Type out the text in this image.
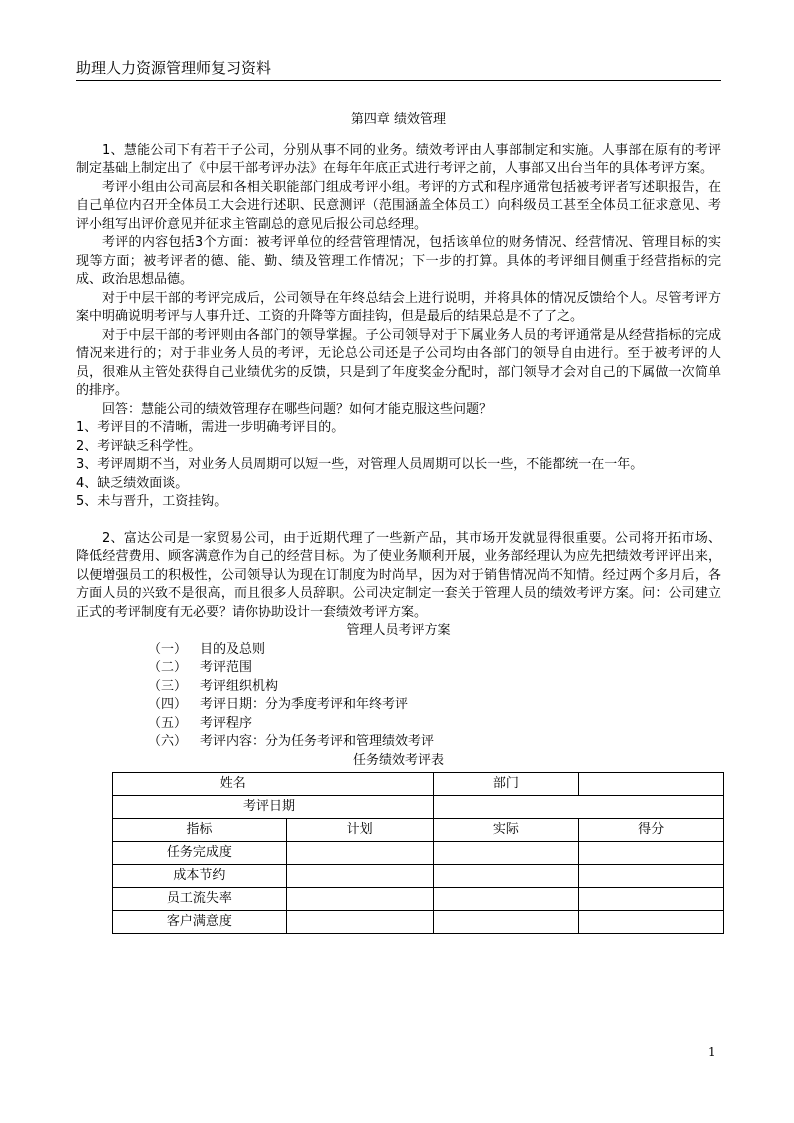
助理人力资源管理师复习资料

第四章 绩效管理

1、慧能公司下有若干子公司，分别从事不同的业务。绩效考评由人事部制定和实施。人事部在原有的考评制定基础上制定出了《中层干部考评办法》在每年年底正式进行考评之前，人事部又出台当年的具体考评方案。

考评小组由公司高层和各相关职能部门组成考评小组。考评的方式和程序通常包括被考评者写述职报告，在自己单位内召开全体员工大会进行述职、民意测评（范围涵盖全体员工）向科级员工甚至全体员工征求意见、考评小组写出评价意见并征求主管副总的意见后报公司总经理。

考评的内容包括3个方面：被考评单位的经营管理情况，包括该单位的财务情况、经营情况、管理目标的实现等方面；被考评者的德、能、勤、绩及管理工作情况；下一步的打算。具体的考评细目侧重于经营指标的完成、政治思想品德。

对于中层干部的考评完成后，公司领导在年终总结会上进行说明，并将具体的情况反馈给个人。尽管考评方案中明确说明考评与人事升迁、工资的升降等方面挂钩，但是最后的结果总是不了了之。

对于中层干部的考评则由各部门的领导掌握。子公司领导对于下属业务人员的考评通常是从经营指标的完成情况来进行的；对于非业务人员的考评，无论总公司还是子公司均由各部门的领导自由进行。至于被考评的人员，很难从主管处获得自己业绩优劣的反馈，只是到了年度奖金分配时，部门领导才会对自己的下属做一次简单的排序。

回答：慧能公司的绩效管理存在哪些问题？如何才能克服这些问题？

1、考评目的不清晰，需进一步明确考评目的。

2、考评缺乏科学性。

3、考评周期不当，对业务人员周期可以短一些，对管理人员周期可以长一些，不能都统一在一年。

4、缺乏绩效面谈。

5、未与晋升，工资挂钩。

2、富达公司是一家贸易公司，由于近期代理了一些新产品，其市场开发就显得很重要。公司将开拓市场、降低经营费用、顾客满意作为自己的经营目标。为了使业务顺利开展，业务部经理认为应先把绩效考评评出来，以便增强员工的积极性，公司领导认为现在订制度为时尚早，因为对于销售情况尚不知情。经过两个多月后，各方面人员的兴致不是很高，而且很多人员辞职。公司决定制定一套关于管理人员的绩效考评方案。问：公司建立正式的考评制度有无必要？请你协助设计一套绩效考评方案。

管理人员考评方案

（一） 目的及总则

（二） 考评范围

（三） 考评组织机构

（四） 考评日期：分为季度考评和年终考评

（五） 考评程序

（六） 考评内容：分为任务考评和管理绩效考评

任务绩效考评表

姓名		部门	
考评日期			
指标	计划	实际	得分
任务完成度			
成本节约			
员工流失率			
客户满意度			
1
